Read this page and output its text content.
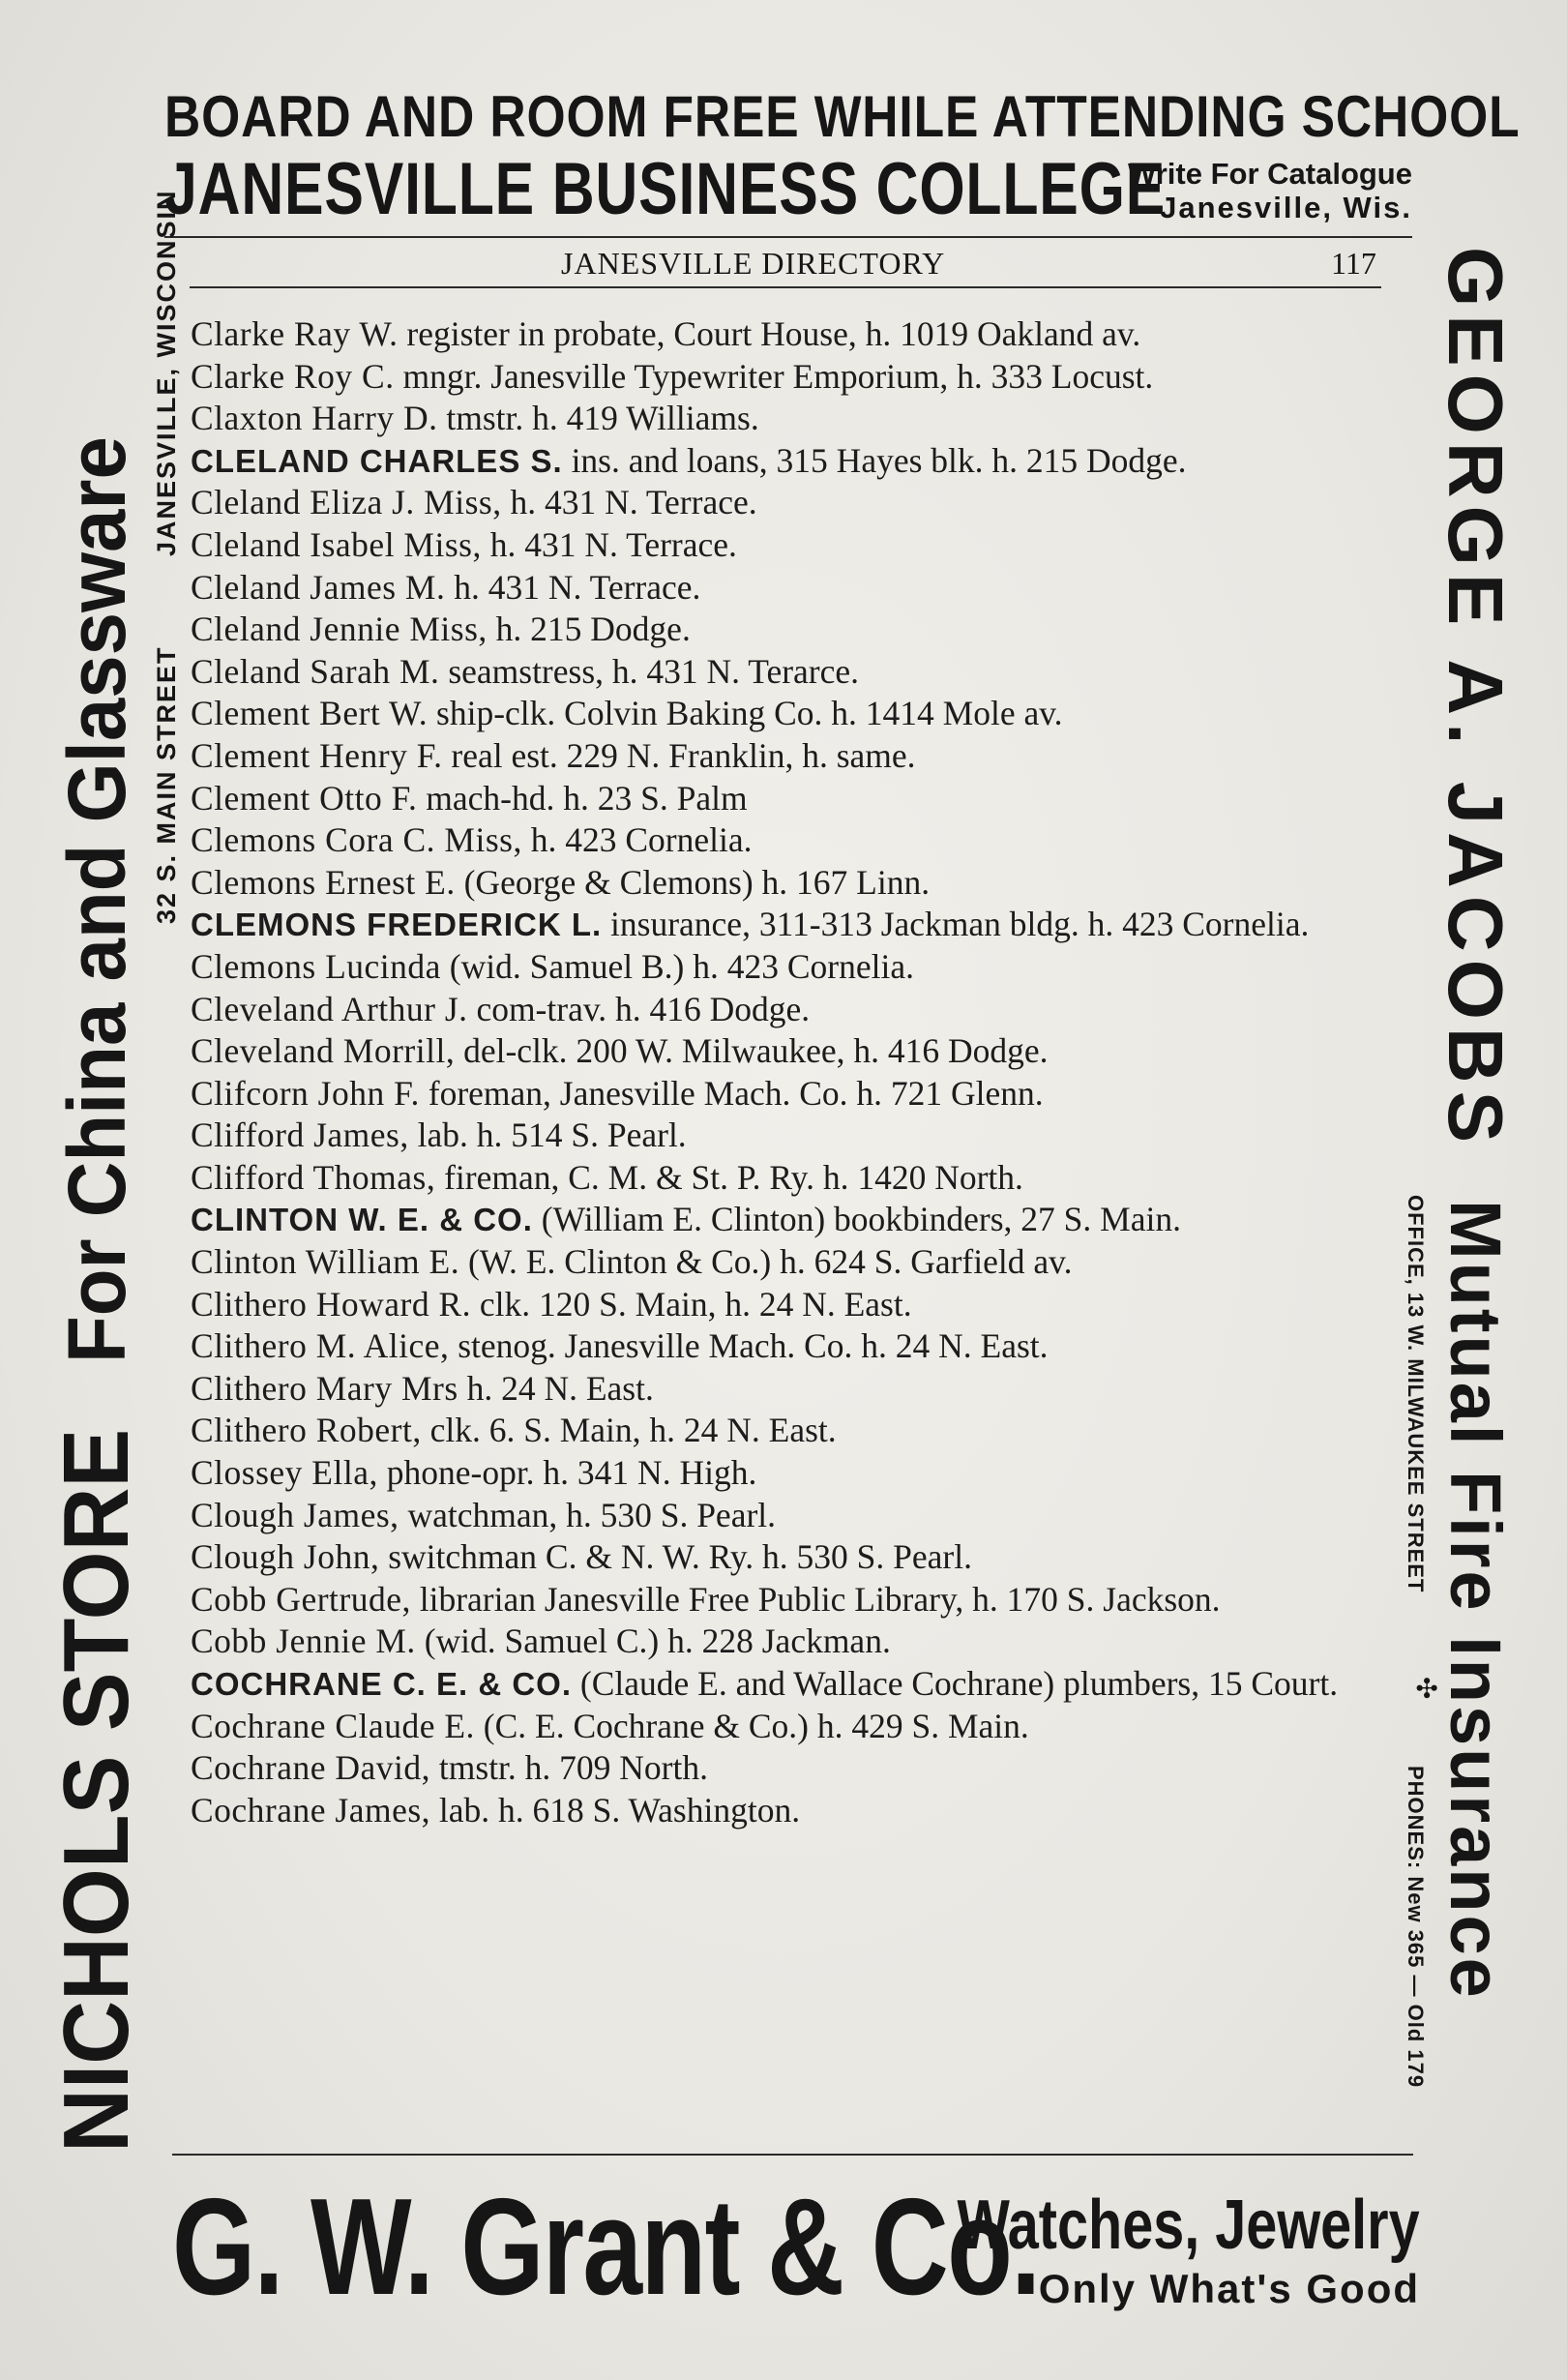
BOARD AND ROOM FREE WHILE ATTENDING SCHOOL
JANESVILLE BUSINESS COLLEGE
Write For Catalogue
Janesville, Wis.
JANESVILLE DIRECTORY	117
Clarke Ray W. register in probate, Court House, h. 1019 Oakland av.
Clarke Roy C. mngr. Janesville Typewriter Emporium, h. 333 Locust.
Claxton Harry D. tmstr. h. 419 Williams.
CLELAND CHARLES S. ins. and loans, 315 Hayes blk. h. 215 Dodge.
Cleland Eliza J. Miss, h. 431 N. Terrace.
Cleland Isabel Miss, h. 431 N. Terrace.
Cleland James M. h. 431 N. Terrace.
Cleland Jennie Miss, h. 215 Dodge.
Cleland Sarah M. seamstress, h. 431 N. Terarce.
Clement Bert W. ship-clk. Colvin Baking Co. h. 1414 Mole av.
Clement Henry F. real est. 229 N. Franklin, h. same.
Clement Otto F. mach-hd. h. 23 S. Palm
Clemons Cora C. Miss, h. 423 Cornelia.
Clemons Ernest E. (George & Clemons) h. 167 Linn.
CLEMONS FREDERICK L. insurance, 311-313 Jackman bldg. h. 423 Cornelia.
Clemons Lucinda (wid. Samuel B.) h. 423 Cornelia.
Cleveland Arthur J. com-trav. h. 416 Dodge.
Cleveland Morrill, del-clk. 200 W. Milwaukee, h. 416 Dodge.
Clifcorn John F. foreman, Janesville Mach. Co. h. 721 Glenn.
Clifford James, lab. h. 514 S. Pearl.
Clifford Thomas, fireman, C. M. & St. P. Ry. h. 1420 North.
CLINTON W. E. & CO. (William E. Clinton) bookbinders, 27 S. Main.
Clinton William E. (W. E. Clinton & Co.) h. 624 S. Garfield av.
Clithero Howard R. clk. 120 S. Main, h. 24 N. East.
Clithero M. Alice, stenog. Janesville Mach. Co. h. 24 N. East.
Clithero Mary Mrs h. 24 N. East.
Clithero Robert, clk. 6. S. Main, h. 24 N. East.
Clossey Ella, phone-opr. h. 341 N. High.
Clough James, watchman, h. 530 S. Pearl.
Clough John, switchman C. & N. W. Ry. h. 530 S. Pearl.
Cobb Gertrude, librarian Janesville Free Public Library, h. 170 S. Jackson.
Cobb Jennie M. (wid. Samuel C.) h. 228 Jackman.
COCHRANE C. E. & CO. (Claude E. and Wallace Cochrane) plumbers, 15 Court.
Cochrane Claude E. (C. E. Cochrane & Co.) h. 429 S. Main.
Cochrane David, tmstr. h. 709 North.
Cochrane James, lab. h. 618 S. Washington.
NICHOLS STOREFor China and Glassware 32 S. MAIN STREET
JANESVILLE, WISCONSIN	GEORGE A. JACOBS
Mutual Fire Insurance
OFFICE, 13 W. MILWAUKEE STREET
✣
PHONES: New 365 — Old 179
G. W. Grant & Co.
Watches, Jewelry
Only What's Good
